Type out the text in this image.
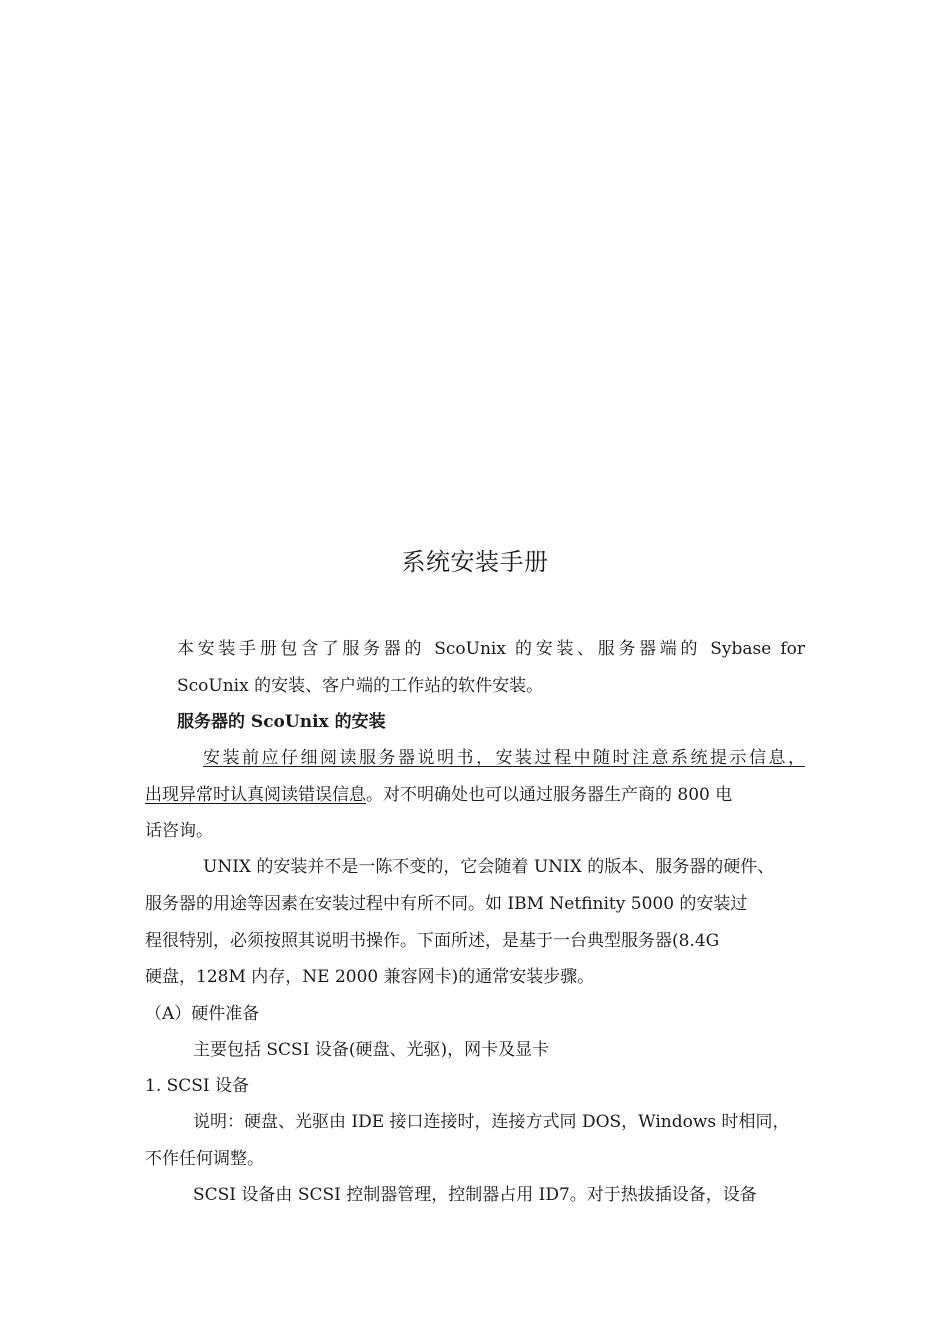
系统安装手册
本安装手册包含了服务器的 ScoUnix 的安装、服务器端的 Sybase for
ScoUnix 的安装、客户端的工作站的软件安装。
服务器的 ScoUnix 的安装
安装前应仔细阅读服务器说明书，安装过程中随时注意系统提示信息，
出现异常时认真阅读错误信息。对不明确处也可以通过服务器生产商的 800 电
话咨询。
UNIX 的安装并不是一陈不变的，它会随着 UNIX 的版本、服务器的硬件、
服务器的用途等因素在安装过程中有所不同。如 IBM Netfinity 5000 的安装过
程很特别，必须按照其说明书操作。下面所述，是基于一台典型服务器(8.4G
硬盘，128M 内存，NE 2000 兼容网卡)的通常安装步骤。
（A）硬件准备
主要包括 SCSI 设备(硬盘、光驱)，网卡及显卡
1. SCSI 设备
说明：硬盘、光驱由 IDE 接口连接时，连接方式同 DOS，Windows 时相同，
不作任何调整。
SCSI 设备由 SCSI 控制器管理，控制器占用 ID7。对于热拔插设备，设备
